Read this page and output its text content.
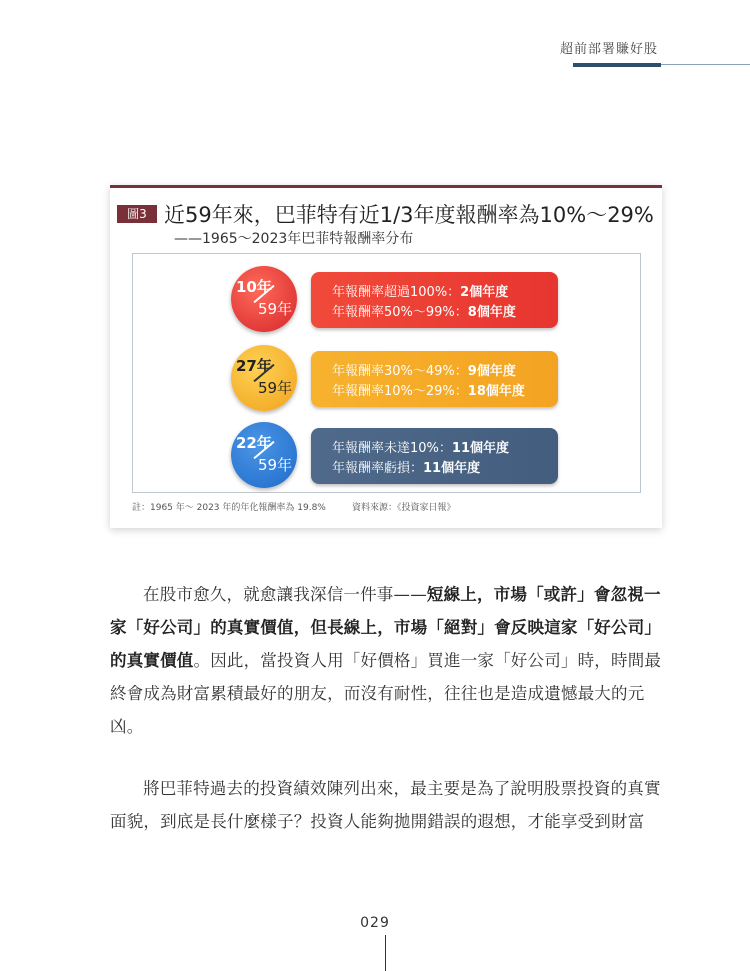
超前部署賺好股
圖3 近59年來，巴菲特有近1/3年度報酬率為10%～29%
——1965～2023年巴菲特報酬率分布
年報酬率超過100%：2個年度
年報酬率50%～99%：8個年度
10年
59年
年報酬率30%～49%：9個年度
年報酬率10%～29%：18個年度
27年
59年
年報酬率未達10%：11個年度
年報酬率虧損：11個年度
22年
59年
註：1965 年～ 2023 年的年化報酬率為 19.8%	資料來源：《投資家日報》

在股市愈久，就愈讓我深信一件事——短線上，市場「或許」會忽視一家「好公司」的真實價值，但長線上，市場「絕對」會反映這家「好公司」的真實價值。因此，當投資人用「好價格」買進一家「好公司」時，時間最終會成為財富累積最好的朋友，而沒有耐性，往往也是造成遺憾最大的元凶。

將巴菲特過去的投資績效陳列出來，最主要是為了說明股票投資的真實面貌，到底是長什麼樣子？投資人能夠拋開錯誤的遐想，才能享受到財富

029
